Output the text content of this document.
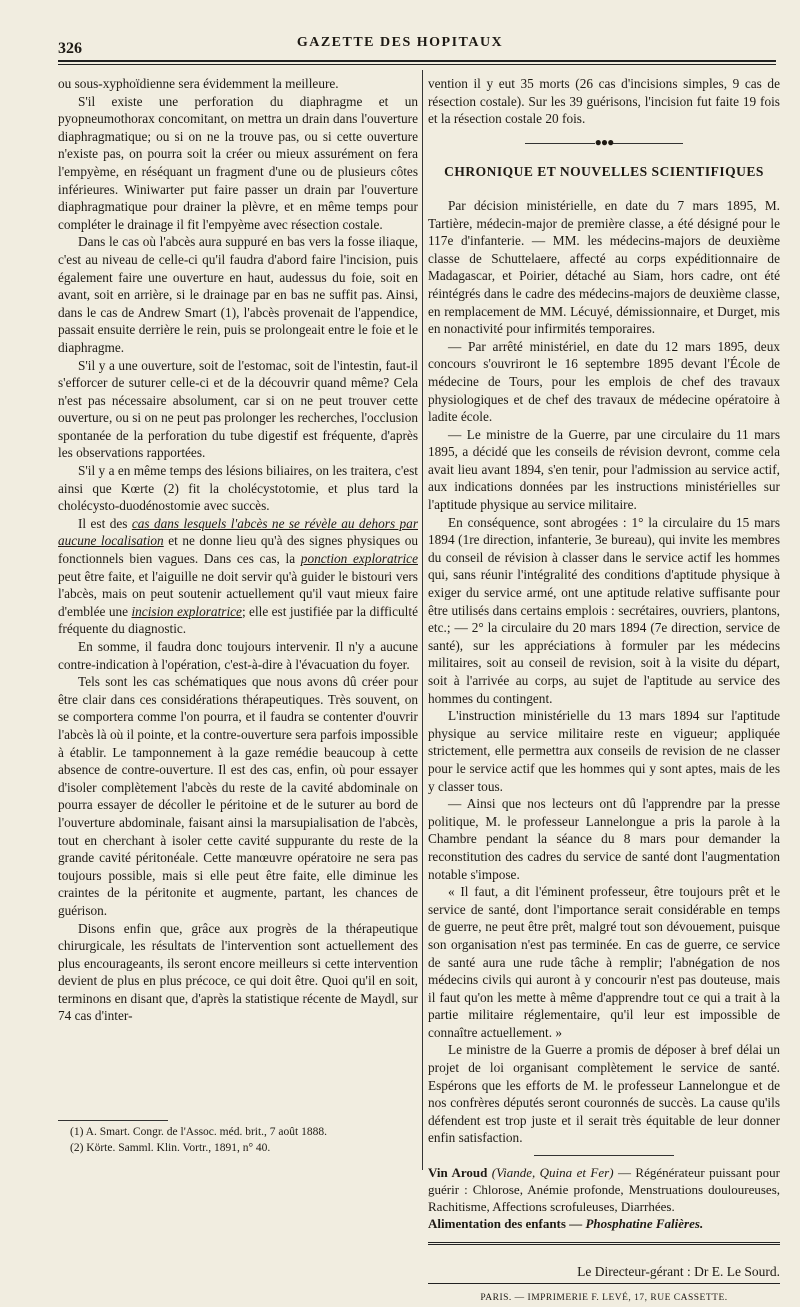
326	GAZETTE DES HOPITAUX

ou sous-xyphoïdienne sera évidemment la meilleure.

S'il existe une perforation du diaphragme et un pyopneumothorax concomitant, on mettra un drain dans l'ouverture diaphragmatique; ou si on ne la trouve pas, ou si cette ouverture n'existe pas, on pourra soit la créer ou mieux assurément on fera l'empyème, en réséquant un fragment d'une ou de plusieurs côtes inférieures. Winiwarter put faire passer un drain par l'ouverture diaphragmatique pour drainer la plèvre, et en même temps pour compléter le drainage il fit l'empyème avec résection costale.

Dans le cas où l'abcès aura suppuré en bas vers la fosse iliaque, c'est au niveau de celle-ci qu'il faudra d'abord faire l'incision, puis également faire une ouverture en haut, audessus du foie, soit en avant, soit en arrière, si le drainage par en bas ne suffit pas. Ainsi, dans le cas de Andrew Smart (1), l'abcès provenait de l'appendice, passait ensuite derrière le rein, puis se prolongeait entre le foie et le diaphragme.

S'il y a une ouverture, soit de l'estomac, soit de l'intestin, faut-il s'efforcer de suturer celle-ci et de la découvrir quand même? Cela n'est pas nécessaire absolument, car si on ne peut trouver cette ouverture, ou si on ne peut pas prolonger les recherches, l'occlusion spontanée de la perforation du tube digestif est fréquente, d'après les observations rapportées.

S'il y a en même temps des lésions biliaires, on les traitera, c'est ainsi que Kœrte (2) fit la cholécystotomie, et plus tard la cholécysto-duodénostomie avec succès.

Il est des cas dans lesquels l'abcès ne se révèle au dehors par aucune localisation et ne donne lieu qu'à des signes physiques ou fonctionnels bien vagues. Dans ces cas, la ponction exploratrice peut être faite, et l'aiguille ne doit servir qu'à guider le bistouri vers l'abcès, mais on peut soutenir actuellement qu'il vaut mieux faire d'emblée une incision exploratrice; elle est justifiée par la difficulté fréquente du diagnostic.

En somme, il faudra donc toujours intervenir. Il n'y a aucune contre-indication à l'opération, c'est-à-dire à l'évacuation du foyer.

Tels sont les cas schématiques que nous avons dû créer pour être clair dans ces considérations thérapeutiques. Très souvent, on se comportera comme l'on pourra, et il faudra se contenter d'ouvrir l'abcès là où il pointe, et la contre-ouverture sera parfois impossible à établir. Le tamponnement à la gaze remédie beaucoup à cette absence de contre-ouverture. Il est des cas, enfin, où pour essayer d'isoler complètement l'abcès du reste de la cavité abdominale on pourra essayer de décoller le péritoine et de le suturer au bord de l'ouverture abdominale, faisant ainsi la marsupialisation de l'abcès, tout en cherchant à isoler cette cavité suppurante du reste de la grande cavité péritonéale. Cette manœuvre opératoire ne sera pas toujours possible, mais si elle peut être faite, elle diminue les craintes de la péritonite et augmente, partant, les chances de guérison.

Disons enfin que, grâce aux progrès de la thérapeutique chirurgicale, les résultats de l'intervention sont actuellement des plus encourageants, ils seront encore meilleurs si cette intervention devient de plus en plus précoce, ce qui doit être. Quoi qu'il en soit, terminons en disant que, d'après la statistique récente de Maydl, sur 74 cas d'inter-

(1) A. Smart. Congr. de l'Assoc. méd. brit., 7 août 1888.
(2) Körte. Samml. Klin. Vortr., 1891, n° 40.

vention il y eut 35 morts (26 cas d'incisions simples, 9 cas de résection costale). Sur les 39 guérisons, l'incision fut faite 19 fois et la résection costale 20 fois.

●●●
CHRONIQUE ET NOUVELLES SCIENTIFIQUES

Par décision ministérielle, en date du 7 mars 1895, M. Tartière, médecin-major de première classe, a été désigné pour le 117e d'infanterie. — MM. les médecins-majors de deuxième classe de Schuttelaere, affecté au corps expéditionnaire de Madagascar, et Poirier, détaché au Siam, hors cadre, ont été réintégrés dans le cadre des médecins-majors de deuxième classe, en remplacement de MM. Lécuyé, démissionnaire, et Durget, mis en nonactivité pour infirmités temporaires.

— Par arrêté ministériel, en date du 12 mars 1895, deux concours s'ouvriront le 16 septembre 1895 devant l'École de médecine de Tours, pour les emplois de chef des travaux physiologiques et de chef des travaux de médecine opératoire à ladite école.

— Le ministre de la Guerre, par une circulaire du 11 mars 1895, a décidé que les conseils de révision devront, comme cela avait lieu avant 1894, s'en tenir, pour l'admission au service actif, aux indications données par les instructions ministérielles sur l'aptitude physique au service militaire.

En conséquence, sont abrogées : 1° la circulaire du 15 mars 1894 (1re direction, infanterie, 3e bureau), qui invite les membres du conseil de révision à classer dans le service actif les hommes qui, sans réunir l'intégralité des conditions d'aptitude physique à exiger du service armé, ont une aptitude relative suffisante pour être utilisés dans certains emplois : secrétaires, ouvriers, plantons, etc.; — 2° la circulaire du 20 mars 1894 (7e direction, service de santé), sur les appréciations à formuler par les médecins militaires, soit au conseil de revision, soit à la visite du départ, soit à l'arrivée au corps, au sujet de l'aptitude au service des hommes du contingent.

L'instruction ministérielle du 13 mars 1894 sur l'aptitude physique au service militaire reste en vigueur; appliquée strictement, elle permettra aux conseils de revision de ne classer pour le service actif que les hommes qui y sont aptes, mais de les y classer tous.

— Ainsi que nos lecteurs ont dû l'apprendre par la presse politique, M. le professeur Lannelongue a pris la parole à la Chambre pendant la séance du 8 mars pour demander la reconstitution des cadres du service de santé dont l'augmentation notable s'impose.

« Il faut, a dit l'éminent professeur, être toujours prêt et le service de santé, dont l'importance serait considérable en temps de guerre, ne peut être prêt, malgré tout son dévouement, puisque son organisation n'est pas terminée. En cas de guerre, ce service de santé aura une rude tâche à remplir; l'abnégation de nos médecins civils qui auront à y concourir n'est pas douteuse, mais il faut qu'on les mette à même d'apprendre tout ce qui a trait à la partie militaire réglementaire, qu'il leur est impossible de connaître actuellement. »

Le ministre de la Guerre a promis de déposer à bref délai un projet de loi organisant complètement le service de santé. Espérons que les efforts de M. le professeur Lannelongue et de nos confrères députés seront couronnés de succès. La cause qu'ils défendent est trop juste et il serait très équitable de leur donner enfin satisfaction.

Vin Aroud (Viande, Quina et Fer) — Régénérateur puissant pour guérir : Chlorose, Anémie profonde, Menstruations douloureuses, Rachitisme, Affections scrofuleuses, Diarrhées.

Alimentation des enfants — Phosphatine Falières.

Le Directeur-gérant : Dr E. Le Sourd.
PARIS. — IMPRIMERIE F. LEVÉ, 17, RUE CASSETTE.
